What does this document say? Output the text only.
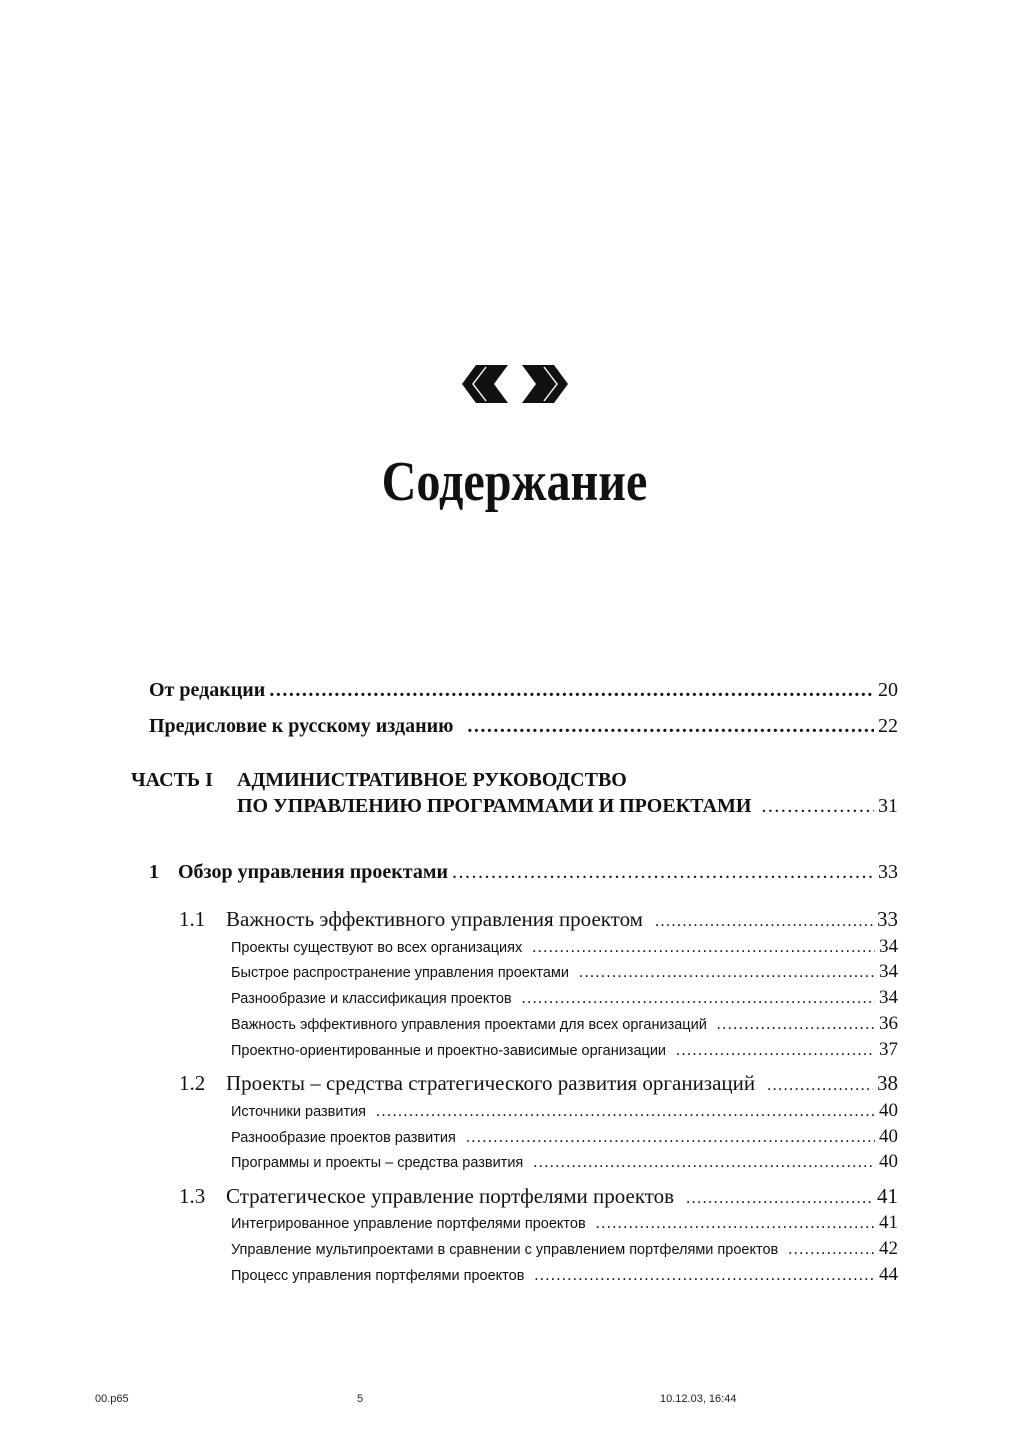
Содержание
От редакции .....	20
Предисловие к русскому изданию .....	22
ЧАСТЬ I АДМИНИСТРАТИВНОЕ РУКОВОДСТВО
ПО УПРАВЛЕНИЮ ПРОГРАММАМИ И ПРОЕКТАМИ .....	31
1 Обзор управления проектами .....	33
1.1 Важность эффективного управления проектом .....	33
Проекты существуют во всех организациях .....	34
Быстрое распространение управления проектами .....	34
Разнообразие и классификация проектов .....	34
Важность эффективного управления проектами для всех организаций .....	36
Проектно-ориентированные и проектно-зависимые организации .....	37
1.2 Проекты – средства стратегического развития организаций .....	38
Источники развития .....	40
Разнообразие проектов развития .....	40
Программы и проекты – средства развития .....	40
1.3 Стратегическое управление портфелями проектов .....	41
Интегрированное управление портфелями проектов .....	41
Управление мультипроектами в сравнении с управлением портфелями проектов .....	42
Процесс управления портфелями проектов .....	44
00.p65	5	10.12.03, 16:44
